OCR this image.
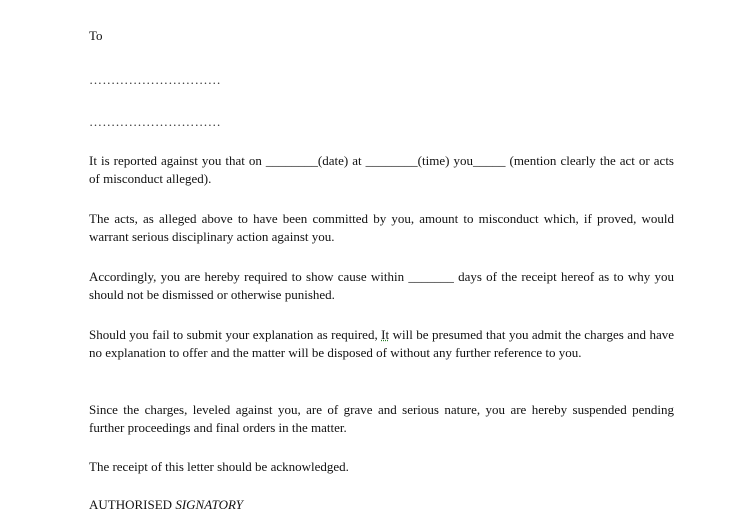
To
…………………………
…………………………
It is reported against you that on ________(date) at ________(time) you_____ (mention clearly the act or acts of misconduct alleged).
The acts, as alleged above to have been committed by you, amount to misconduct which, if proved, would warrant serious disciplinary action against you.
Accordingly, you are hereby required to show cause within _______ days of the receipt hereof as to why you should not be dismissed or otherwise punished.
Should you fail to submit your explanation as required, It will be presumed that you admit the charges and have no explanation to offer and the matter will be disposed of without any further reference to you.
Since the charges, leveled against you, are of grave and serious nature, you are hereby suspended pending further proceedings and final orders in the matter.
The receipt of this letter should be acknowledged.
AUTHORISED SIGNATORY
